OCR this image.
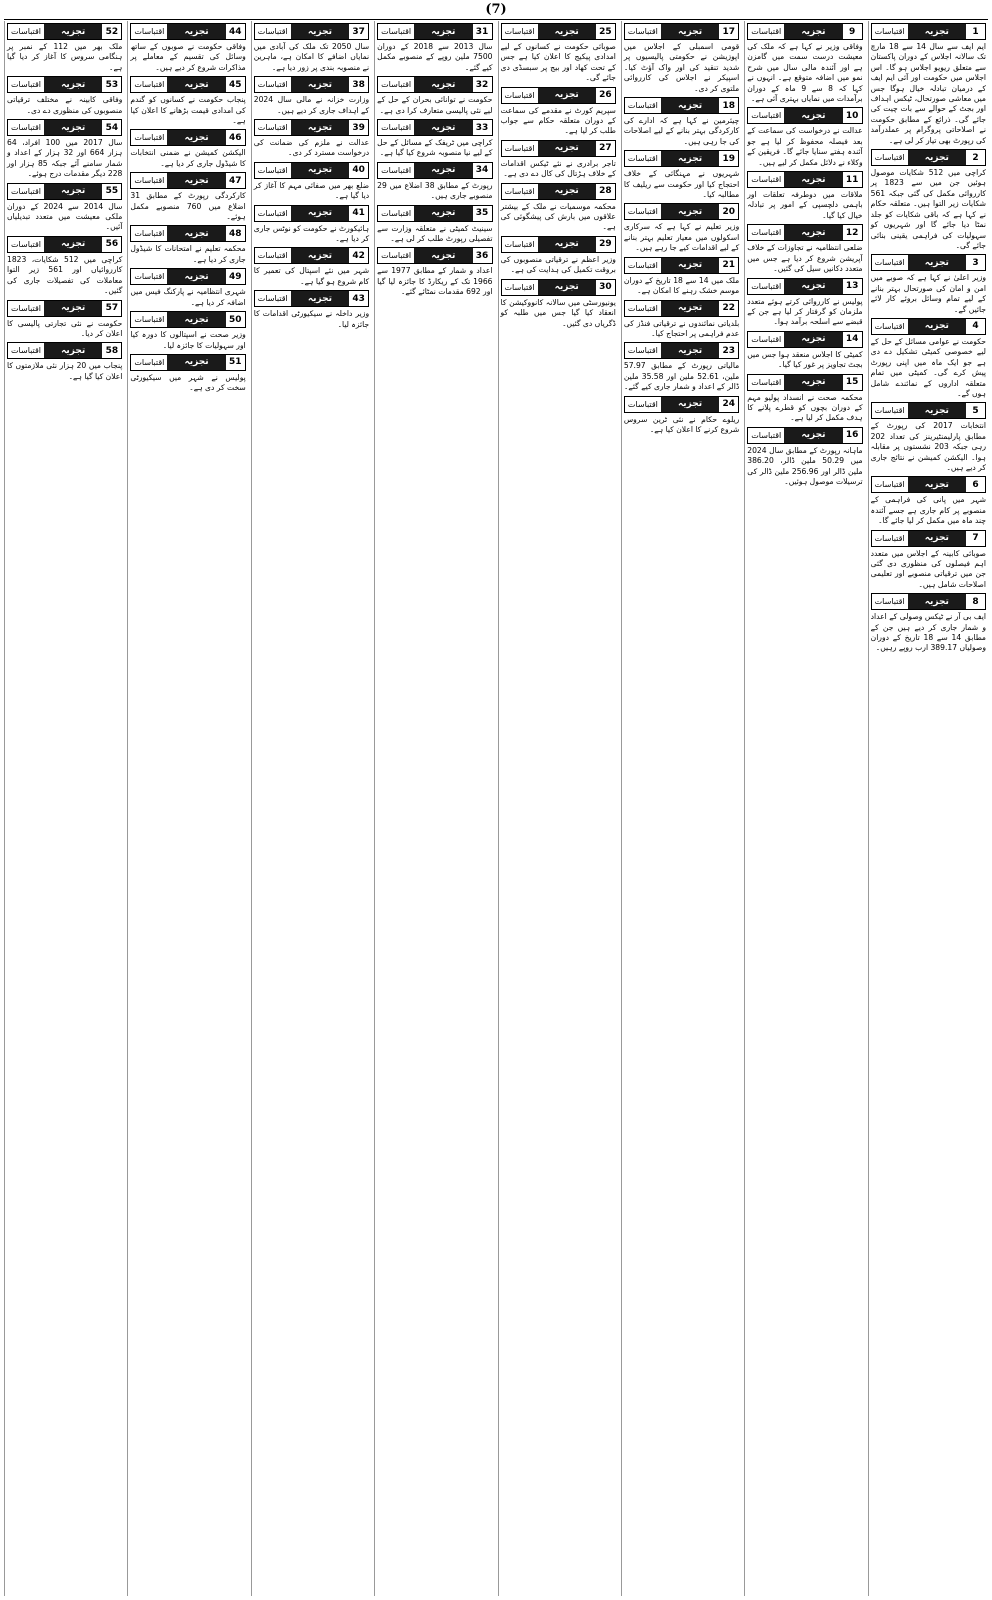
(7)
اقتباسات	تجزیہ	1
ایم ایف سے سال 14 سے 18 مارچ تک سالانہ اجلاس کے دوران پاکستان سے متعلق ریویو اجلاس ہو گا۔ اس اجلاس میں حکومت اور آئی ایم ایف کے درمیان تبادلہ خیال ہوگا جس میں معاشی صورتحال، ٹیکس اہداف اور بجٹ کے حوالے سے بات چیت کی جائے گی۔ ذرائع کے مطابق حکومت نے اصلاحاتی پروگرام پر عملدرآمد کی رپورٹ بھی تیار کر لی ہے۔
اقتباسات	تجزیہ	2
کراچی میں 512 شکایات موصول ہوئیں جن میں سے 1823 پر کارروائی مکمل کی گئی جبکہ 561 شکایات زیر التوا ہیں۔ متعلقہ حکام نے کہا ہے کہ باقی شکایات کو جلد نمٹا دیا جائے گا اور شہریوں کو سہولیات کی فراہمی یقینی بنائی جائے گی۔
اقتباسات	تجزیہ	3
وزیر اعلیٰ نے کہا ہے کہ صوبے میں امن و امان کی صورتحال بہتر بنانے کے لیے تمام وسائل بروئے کار لائے جائیں گے۔
اقتباسات	تجزیہ	4
حکومت نے عوامی مسائل کے حل کے لیے خصوصی کمیٹی تشکیل دے دی ہے جو ایک ماہ میں اپنی رپورٹ پیش کرے گی۔ کمیٹی میں تمام متعلقہ اداروں کے نمائندے شامل ہوں گے۔
اقتباسات	تجزیہ	5
انتخابات 2017 کی رپورٹ کے مطابق پارلیمنٹیرینز کی تعداد 202 رہی جبکہ 203 نشستوں پر مقابلہ ہوا۔ الیکشن کمیشن نے نتائج جاری کر دیے ہیں۔
اقتباسات	تجزیہ	6
شہر میں پانی کی فراہمی کے منصوبے پر کام جاری ہے جسے آئندہ چند ماہ میں مکمل کر لیا جائے گا۔
اقتباسات	تجزیہ	7
صوبائی کابینہ کے اجلاس میں متعدد اہم فیصلوں کی منظوری دی گئی جن میں ترقیاتی منصوبے اور تعلیمی اصلاحات شامل ہیں۔
اقتباسات	تجزیہ	8
ایف بی آر نے ٹیکس وصولی کے اعداد و شمار جاری کر دیے ہیں جن کے مطابق 14 سے 18 تاریخ کے دوران وصولیاں 389.17 ارب روپے رہیں۔
اقتباسات	تجزیہ	9
وفاقی وزیر نے کہا ہے کہ ملک کی معیشت درست سمت میں گامزن ہے اور آئندہ مالی سال میں شرح نمو میں اضافہ متوقع ہے۔ انہوں نے کہا کہ 8 سے 9 ماہ کے دوران برآمدات میں نمایاں بہتری آئی ہے۔
اقتباسات	تجزیہ	10
عدالت نے درخواست کی سماعت کے بعد فیصلہ محفوظ کر لیا ہے جو آئندہ ہفتے سنایا جائے گا۔ فریقین کے وکلاء نے دلائل مکمل کر لیے ہیں۔
اقتباسات	تجزیہ	11
ملاقات میں دوطرفہ تعلقات اور باہمی دلچسپی کے امور پر تبادلہ خیال کیا گیا۔
اقتباسات	تجزیہ	12
ضلعی انتظامیہ نے تجاوزات کے خلاف آپریشن شروع کر دیا ہے جس میں متعدد دکانیں سیل کی گئیں۔
اقتباسات	تجزیہ	13
پولیس نے کارروائی کرتے ہوئے متعدد ملزمان کو گرفتار کر لیا ہے جن کے قبضے سے اسلحہ برآمد ہوا۔
اقتباسات	تجزیہ	14
کمیٹی کا اجلاس منعقد ہوا جس میں بجٹ تجاویز پر غور کیا گیا۔
اقتباسات	تجزیہ	15
محکمہ صحت نے انسداد پولیو مہم کے دوران بچوں کو قطرے پلانے کا ہدف مکمل کر لیا ہے۔
اقتباسات	تجزیہ	16
ماہانہ رپورٹ کے مطابق سال 2024 میں 50.29 ملین ڈالر، 386.20 ملین ڈالر اور 256.96 ملین ڈالر کی ترسیلات موصول ہوئیں۔
اقتباسات	تجزیہ	17
قومی اسمبلی کے اجلاس میں اپوزیشن نے حکومتی پالیسیوں پر شدید تنقید کی اور واک آؤٹ کیا۔ اسپیکر نے اجلاس کی کارروائی ملتوی کر دی۔
اقتباسات	تجزیہ	18
چیئرمین نے کہا ہے کہ ادارے کی کارکردگی بہتر بنانے کے لیے اصلاحات کی جا رہی ہیں۔
اقتباسات	تجزیہ	19
شہریوں نے مہنگائی کے خلاف احتجاج کیا اور حکومت سے ریلیف کا مطالبہ کیا۔
اقتباسات	تجزیہ	20
وزیر تعلیم نے کہا ہے کہ سرکاری اسکولوں میں معیار تعلیم بہتر بنانے کے لیے اقدامات کیے جا رہے ہیں۔
اقتباسات	تجزیہ	21
ملک میں 14 سے 18 تاریخ کے دوران موسم خشک رہنے کا امکان ہے۔
اقتباسات	تجزیہ	22
بلدیاتی نمائندوں نے ترقیاتی فنڈز کی عدم فراہمی پر احتجاج کیا۔
اقتباسات	تجزیہ	23
مالیاتی رپورٹ کے مطابق 57.97 ملین، 52.61 ملین اور 35.58 ملین ڈالر کے اعداد و شمار جاری کیے گئے۔
اقتباسات	تجزیہ	24
ریلوے حکام نے نئی ٹرین سروس شروع کرنے کا اعلان کیا ہے۔
اقتباسات	تجزیہ	25
صوبائی حکومت نے کسانوں کے لیے امدادی پیکیج کا اعلان کیا ہے جس کے تحت کھاد اور بیج پر سبسڈی دی جائے گی۔
اقتباسات	تجزیہ	26
سپریم کورٹ نے مقدمے کی سماعت کے دوران متعلقہ حکام سے جواب طلب کر لیا ہے۔
اقتباسات	تجزیہ	27
تاجر برادری نے نئے ٹیکس اقدامات کے خلاف ہڑتال کی کال دے دی ہے۔
اقتباسات	تجزیہ	28
محکمہ موسمیات نے ملک کے بیشتر علاقوں میں بارش کی پیشگوئی کی ہے۔
اقتباسات	تجزیہ	29
وزیر اعظم نے ترقیاتی منصوبوں کی بروقت تکمیل کی ہدایت کی ہے۔
اقتباسات	تجزیہ	30
یونیورسٹی میں سالانہ کانووکیشن کا انعقاد کیا گیا جس میں طلبہ کو ڈگریاں دی گئیں۔
اقتباسات	تجزیہ	31
سال 2013 سے 2018 کے دوران 7500 ملین روپے کے منصوبے مکمل کیے گئے۔
اقتباسات	تجزیہ	32
حکومت نے توانائی بحران کے حل کے لیے نئی پالیسی متعارف کرا دی ہے۔
اقتباسات	تجزیہ	33
کراچی میں ٹریفک کے مسائل کے حل کے لیے نیا منصوبہ شروع کیا گیا ہے۔
اقتباسات	تجزیہ	34
رپورٹ کے مطابق 38 اضلاع میں 29 منصوبے جاری ہیں۔
اقتباسات	تجزیہ	35
سینیٹ کمیٹی نے متعلقہ وزارت سے تفصیلی رپورٹ طلب کر لی ہے۔
اقتباسات	تجزیہ	36
اعداد و شمار کے مطابق 1977 سے 1966 تک کے ریکارڈ کا جائزہ لیا گیا اور 692 مقدمات نمٹائے گئے۔
اقتباسات	تجزیہ	37
سال 2050 تک ملک کی آبادی میں نمایاں اضافے کا امکان ہے، ماہرین نے منصوبہ بندی پر زور دیا ہے۔
اقتباسات	تجزیہ	38
وزارت خزانہ نے مالی سال 2024 کے اہداف جاری کر دیے ہیں۔
اقتباسات	تجزیہ	39
عدالت نے ملزم کی ضمانت کی درخواست مسترد کر دی۔
اقتباسات	تجزیہ	40
ضلع بھر میں صفائی مہم کا آغاز کر دیا گیا ہے۔
اقتباسات	تجزیہ	41
ہائیکورٹ نے حکومت کو نوٹس جاری کر دیا ہے۔
اقتباسات	تجزیہ	42
شہر میں نئے اسپتال کی تعمیر کا کام شروع ہو گیا ہے۔
اقتباسات	تجزیہ	43
وزیر داخلہ نے سیکیورٹی اقدامات کا جائزہ لیا۔
اقتباسات	تجزیہ	44
وفاقی حکومت نے صوبوں کے ساتھ وسائل کی تقسیم کے معاملے پر مذاکرات شروع کر دیے ہیں۔
اقتباسات	تجزیہ	45
پنجاب حکومت نے کسانوں کو گندم کی امدادی قیمت بڑھانے کا اعلان کیا ہے۔
اقتباسات	تجزیہ	46
الیکشن کمیشن نے ضمنی انتخابات کا شیڈول جاری کر دیا ہے۔
اقتباسات	تجزیہ	47
کارکردگی رپورٹ کے مطابق 31 اضلاع میں 760 منصوبے مکمل ہوئے۔
اقتباسات	تجزیہ	48
محکمہ تعلیم نے امتحانات کا شیڈول جاری کر دیا ہے۔
اقتباسات	تجزیہ	49
شہری انتظامیہ نے پارکنگ فیس میں اضافہ کر دیا ہے۔
اقتباسات	تجزیہ	50
وزیر صحت نے اسپتالوں کا دورہ کیا اور سہولیات کا جائزہ لیا۔
اقتباسات	تجزیہ	51
پولیس نے شہر میں سیکیورٹی سخت کر دی ہے۔
اقتباسات	تجزیہ	52
ملک بھر میں 112 کے نمبر پر ہنگامی سروس کا آغاز کر دیا گیا ہے۔
اقتباسات	تجزیہ	53
وفاقی کابینہ نے مختلف ترقیاتی منصوبوں کی منظوری دے دی۔
اقتباسات	تجزیہ	54
سال 2017 میں 100 افراد، 64 ہزار 664 اور 32 ہزار کے اعداد و شمار سامنے آئے جبکہ 85 ہزار اور 228 دیگر مقدمات درج ہوئے۔
اقتباسات	تجزیہ	55
سال 2014 سے 2024 کے دوران ملکی معیشت میں متعدد تبدیلیاں آئیں۔
اقتباسات	تجزیہ	56
کراچی میں 512 شکایات، 1823 کارروائیاں اور 561 زیر التوا معاملات کی تفصیلات جاری کی گئیں۔
اقتباسات	تجزیہ	57
حکومت نے نئی تجارتی پالیسی کا اعلان کر دیا۔
اقتباسات	تجزیہ	58
پنجاب میں 20 ہزار نئی ملازمتوں کا اعلان کیا گیا ہے۔
